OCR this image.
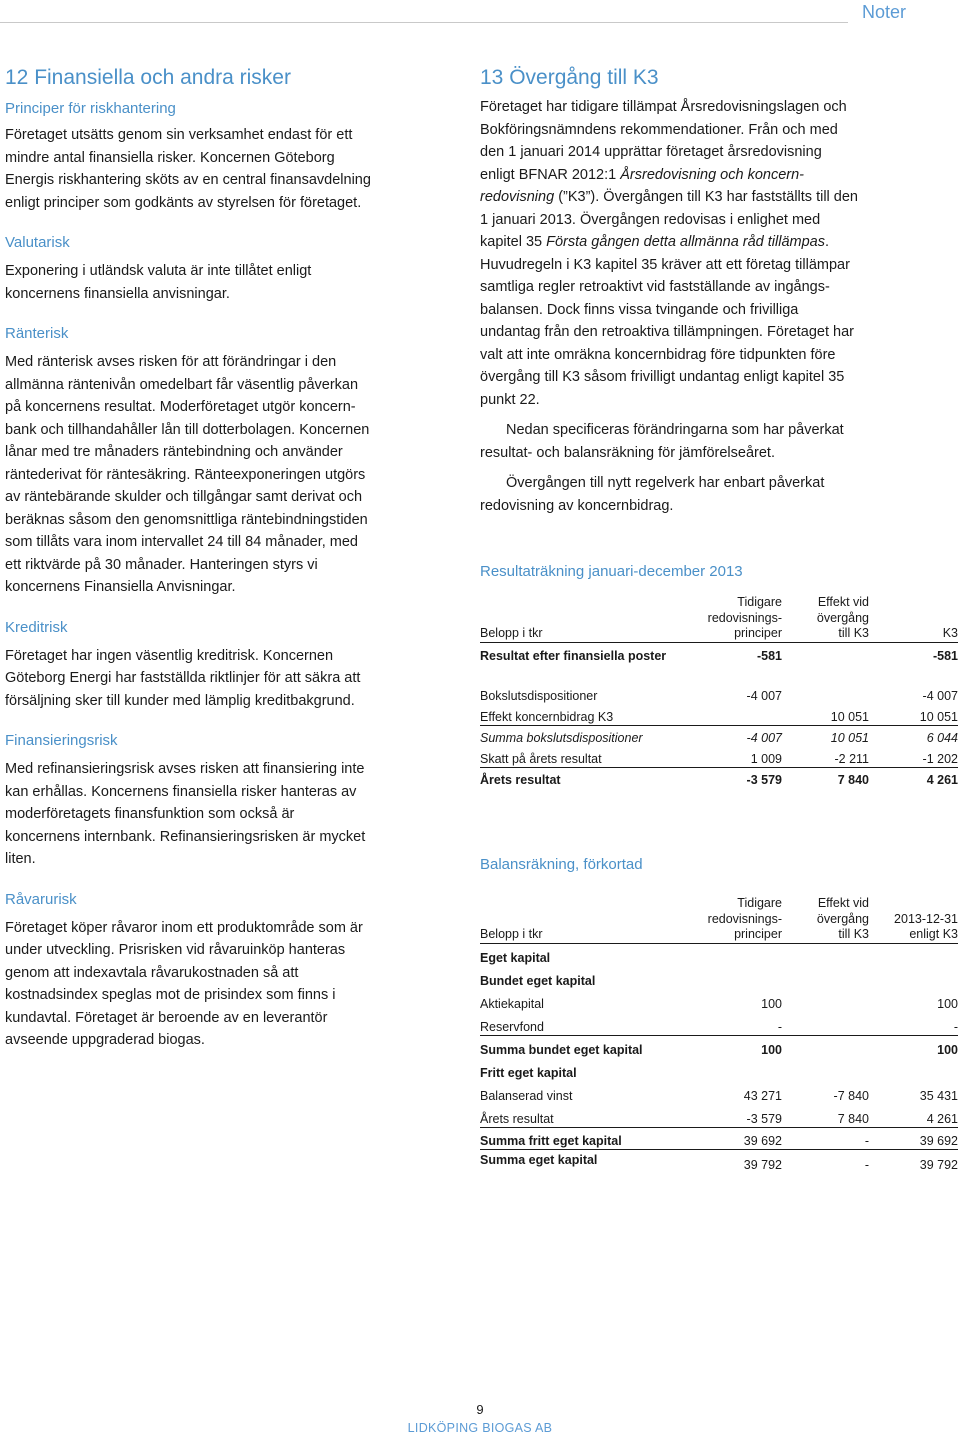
Noter
12 Finansiella och andra risker
Principer för riskhantering

Företaget utsätts genom sin verksamhet endast för ett
mindre antal finansiella risker. Koncernen Göteborg
Energis riskhantering sköts av en central finansavdelning
enligt principer som godkänts av styrelsen för företaget.

Valutarisk

Exponering i utländsk valuta är inte tillåtet enligt
koncernens finansiella anvisningar.

Ränterisk

Med ränterisk avses risken för att förändringar i den
allmänna räntenivån omedelbart får väsentlig påverkan
på koncernens resultat. Moderföretaget utgör koncern-
bank och tillhandahåller lån till dotterbolagen. Koncernen
lånar med tre månaders räntebindning och använder
räntederivat för räntesäkring. Ränteexponeringen utgörs
av räntebärande skulder och tillgångar samt derivat och
beräknas såsom den genomsnittliga räntebindningstiden
som tillåts vara inom intervallet 24 till 84 månader, med
ett riktvärde på 30 månader. Hanteringen styrs vi
koncernens Finansiella Anvisningar.

Kreditrisk

Företaget har ingen väsentlig kreditrisk. Koncernen
Göteborg Energi har fastställda riktlinjer för att säkra att
försäljning sker till kunder med lämplig kreditbakgrund.

Finansieringsrisk

Med refinansieringsrisk avses risken att finansiering inte
kan erhållas. Koncernens finansiella risker hanteras av
moderföretagets finansfunktion som också är
koncernens internbank. Refinansieringsrisken är mycket
liten.

Råvarurisk

Företaget köper råvaror inom ett produktområde som är
under utveckling. Prisrisken vid råvaruinköp hanteras
genom att indexavtala råvarukostnaden så att
kostnadsindex speglas mot de prisindex som finns i
kundavtal. Företaget är beroende av en leverantör
avseende uppgraderad biogas.

13 Övergång till K3

Företaget har tidigare tillämpat Årsredovisningslagen och
Bokföringsnämndens rekommendationer. Från och med
den 1 januari 2014 upprättar företaget årsredovisning
enligt BFNAR 2012:1 Årsredovisning och koncern-
redovisning (”K3”). Övergången till K3 har fastställts till den
1 januari 2013. Övergången redovisas i enlighet med
kapitel 35 Första gången detta allmänna råd tillämpas.
Huvudregeln i K3 kapitel 35 kräver att ett företag tillämpar
samtliga regler retroaktivt vid fastställande av ingångs-
balansen. Dock finns vissa tvingande och frivilliga
undantag från den retroaktiva tillämpningen. Företaget har
valt att inte omräkna koncernbidrag före tidpunkten före
övergång till K3 såsom frivilligt undantag enligt kapitel 35
punkt 22.

Nedan specificeras förändringarna som har påverkat
resultat- och balansräkning för jämförelseåret.

Övergången till nytt regelverk har enbart påverkat
redovisning av koncernbidrag.

Resultaträkning januari-december 2013
Belopp i tkr	Tidigare
redovisnings-
principer	Effekt vid
övergång
till K3	K3
Resultat efter finansiella poster	-581		-581

Bokslutsdispositioner	-4 007		-4 007
Effekt koncernbidrag K3		10 051	10 051
Summa bokslutsdispositioner	-4 007	10 051	6 044
Skatt på årets resultat	1 009	-2 211	-1 202
Årets resultat	-3 579	7 840	4 261
Balansräkning, förkortad
Belopp i tkr	Tidigare
redovisnings-
principer	Effekt vid
övergång
till K3	2013-12-31
enligt K3
Eget kapital			
Bundet eget kapital			
Aktiekapital	100		100
Reservfond	-		-
Summa bundet eget kapital	100		100
Fritt eget kapital			
Balanserad vinst	43 271	-7 840	35 431
Årets resultat	-3 579	7 840	4 261
Summa fritt eget kapital	39 692	-	39 692
Summa eget kapital	39 792	-	39 792
9
LIDKÖPING BIOGAS AB
